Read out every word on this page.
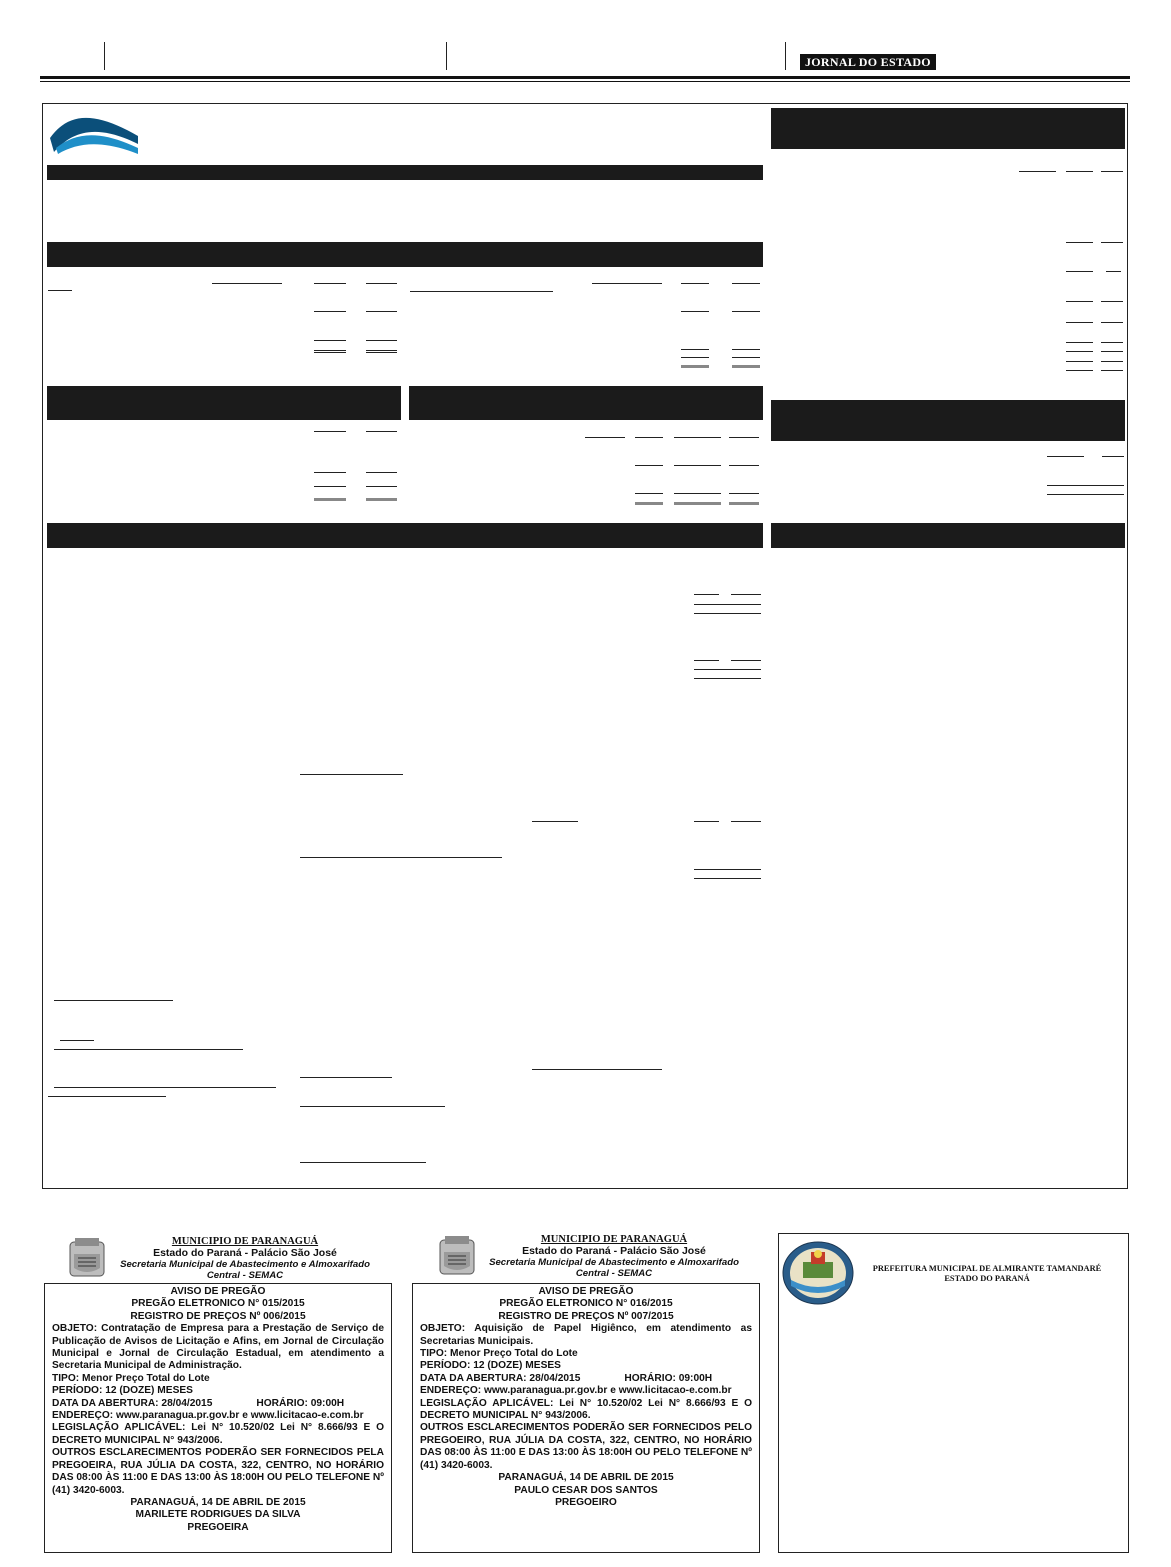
JORNAL DO ESTADO
MUNICIPIO DE PARANAGUÁ
Estado do Paraná - Palácio São José
Secretaria Municipal de Abastecimento e Almoxarifado Central - SEMAC

AVISO DE PREGÃO

PREGÃO ELETRONICO N° 015/2015

REGISTRO DE PREÇOS Nº 006/2015

OBJETO: Contratação de Empresa para a Prestação de Serviço de Publicação de Avisos de Licitação e Afins, em Jornal de Circulação Municipal e Jornal de Circulação Estadual, em atendimento a Secretaria Municipal de Administração.

TIPO: Menor Preço Total do Lote

PERÍODO: 12 (DOZE) MESES

DATA DA ABERTURA: 28/04/2015	HORÁRIO: 09:00H

ENDEREÇO: www.paranagua.pr.gov.br e www.licitacao-e.com.br

LEGISLAÇÃO APLICÁVEL: Lei N° 10.520/02 Lei N° 8.666/93 E O DECRETO MUNICIPAL N° 943/2006.

OUTROS ESCLARECIMENTOS PODERÃO SER FORNECIDOS PELA PREGOEIRA, RUA JÚLIA DA COSTA, 322, CENTRO, NO HORÁRIO DAS 08:00 ÀS 11:00 E DAS 13:00 ÀS 18:00H OU PELO TELEFONE Nº (41) 3420-6003.

PARANAGUÁ, 14 DE ABRIL DE 2015

MARILETE RODRIGUES DA SILVA

PREGOEIRA

MUNICIPIO DE PARANAGUÁ
Estado do Paraná - Palácio São José
Secretaria Municipal de Abastecimento e Almoxarifado Central - SEMAC

AVISO DE PREGÃO

PREGÃO ELETRONICO N° 016/2015

REGISTRO DE PREÇOS Nº 007/2015

OBJETO: Aquisição de Papel Higiênco, em atendimento as Secretarias Municipais.

TIPO: Menor Preço Total do Lote

PERÍODO: 12 (DOZE) MESES

DATA DA ABERTURA: 28/04/2015	HORÁRIO: 09:00H

ENDEREÇO: www.paranagua.pr.gov.br e www.licitacao-e.com.br

LEGISLAÇÃO APLICÁVEL: Lei N° 10.520/02 Lei N° 8.666/93 E O DECRETO MUNICIPAL N° 943/2006.

OUTROS ESCLARECIMENTOS PODERÃO SER FORNECIDOS PELO PREGOEIRO, RUA JÚLIA DA COSTA, 322, CENTRO, NO HORÁRIO DAS 08:00 ÀS 11:00 E DAS 13:00 ÀS 18:00H OU PELO TELEFONE Nº (41) 3420-6003.

PARANAGUÁ, 14 DE ABRIL DE 2015

PAULO CESAR DOS SANTOS

PREGOEIRO

PREFEITURA MUNICIPAL DE ALMIRANTE TAMANDARÉ
ESTADO DO PARANÁ
